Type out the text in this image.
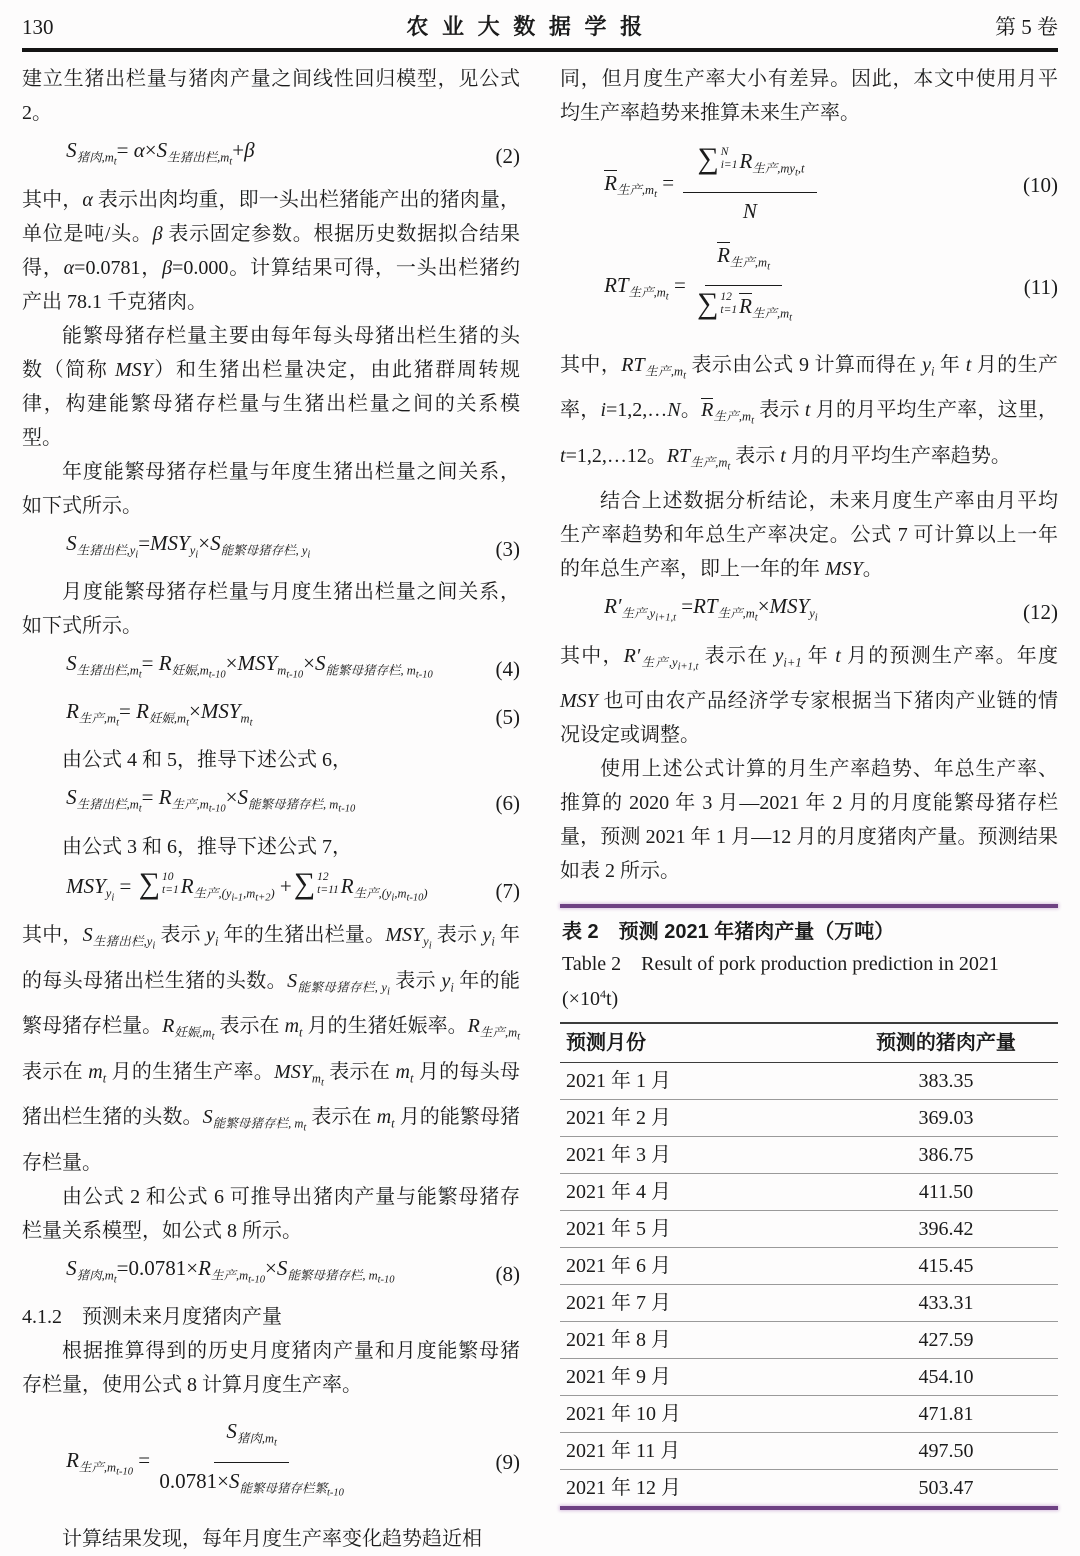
130	农业大数据学报	第 5 卷

建立生猪出栏量与猪肉产量之间线性回归模型，见公式 2。

$S_{猪肉,mt}= \alpha\times S_{生猪出栏,mt}+\beta$	(2)

其中，α 表示出肉均重，即一头出栏猪能产出的猪肉量，单位是吨/头。β 表示固定参数。根据历史数据拟合结果得，α=0.0781，β=0.000。计算结果可得，一头出栏猪约产出 78.1 千克猪肉。

能繁母猪存栏量主要由每年每头母猪出栏生猪的头数（简称 MSY）和生猪出栏量决定，由此猪群周转规律，构建能繁母猪存栏量与生猪出栏量之间的关系模型。

年度能繁母猪存栏量与年度生猪出栏量之间关系，如下式所示。

$S_{生猪出栏,yi}=MSY_{yi}\times S_{能繁母猪存栏, yi}$	(3)

月度能繁母猪存栏量与月度生猪出栏量之间关系，如下式所示。

$S_{生猪出栏,mt}= R_{妊娠,mt-10}\times MSY_{mt-10}\times S_{能繁母猪存栏, mt-10}$	(4)
$R_{生产,mt}= R_{妊娠,mt}\times MSY_{mt}$	(5)

由公式 4 和 5，推导下述公式 6，

$S_{生猪出栏,mt}= R_{生产,mt-10}\times S_{能繁母猪存栏, mt-10}$	(6)

由公式 3 和 6，推导下述公式 7，

$MSY_{yi}$ = ∑ 10
t=1 $R_{生产,(yi-1,mt+2)}$ + ∑ 12
t=11 $R_{生产,(yi,mt-10)}$	(7)

其中，$S_{生猪出栏,yi}$ 表示 $y_i$ 年的生猪出栏量。$MSY_{yi}$ 表示 $y_i$ 年的每头母猪出栏生猪的头数。$S_{能繁母猪存栏, yi}$ 表示 $y_i$ 年的能繁母猪存栏量。$R_{妊娠,mt}$ 表示在 $m_t$ 月的生猪妊娠率。$R_{生产,mt}$ 表示在 $m_t$ 月的生猪生产率。$MSY_{mt}$ 表示在 $m_t$ 月的每头母猪出栏生猪的头数。$S_{能繁母猪存栏, mt}$ 表示在 $m_t$ 月的能繁母猪存栏量。

由公式 2 和公式 6 可推导出猪肉产量与能繁母猪存栏量关系模型，如公式 8 所示。

$S_{猪肉,mt}=0.0781\times R_{生产,mt-10}\times S_{能繁母猪存栏, mt-10}$	(8)

4.1.2　预测未来月度猪肉产量

根据推算得到的历史月度猪肉产量和月度能繁母猪存栏量，使用公式 8 计算月度生产率。

$R_{生产,mt-10} = \frac{S_{猪肉,mt}}{0.0781\times S_{能繁母猪存栏繁t-10}}$	(9)

计算结果发现，每年月度生产率变化趋势趋近相

同，但月度生产率大小有差异。因此，本文中使用月平均生产率趋势来推算未来生产率。

$R_{生产,mt}$ = ∑ N
i=1 $R_{生产,myt,t}$
N	(10)
$RT_{生产,mt} = R_{生产,mt}$
∑ 12
t=1 $R_{生产,mt}$	(11)

其中，$RT_{生产,mt}$ 表示由公式 9 计算而得在 $y_i$ 年 t 月的生产率，i=1,2,…N。$R_{生产,mt}$ 表示 t 月的月平均生产率，这里，t=1,2,…12。$RT_{生产,mt}$ 表示 t 月的月平均生产率趋势。

结合上述数据分析结论，未来月度生产率由月平均生产率趋势和年总生产率决定。公式 7 可计算以上一年的年总生产率，即上一年的年 MSY。

$R'_{生产,yi+1,t} =RT_{生产,mt}\times MSY_{yi}$	(12)

其中，$R'_{生产,yi+1,t}$ 表示在 $y_{i+1}$ 年 t 月的预测生产率。年度 MSY 也可由农产品经济学专家根据当下猪肉产业链的情况设定或调整。

使用上述公式计算的月生产率趋势、年总生产率、推算的 2020 年 3 月—2021 年 2 月的月度能繁母猪存栏量，预测 2021 年 1 月—12 月的月度猪肉产量。预测结果如表 2 所示。

表 2　预测 2021 年猪肉产量（万吨）
Table 2　Result of pork production prediction in 2021 $(\times 10^4t)$
预测月份	预测的猪肉产量
2021 年 1 月	383.35
2021 年 2 月	369.03
2021 年 3 月	386.75
2021 年 4 月	411.50
2021 年 5 月	396.42
2021 年 6 月	415.45
2021 年 7 月	433.31
2021 年 8 月	427.59
2021 年 9 月	454.10
2021 年 10 月	471.81
2021 年 11 月	497.50
2021 年 12 月	503.47
